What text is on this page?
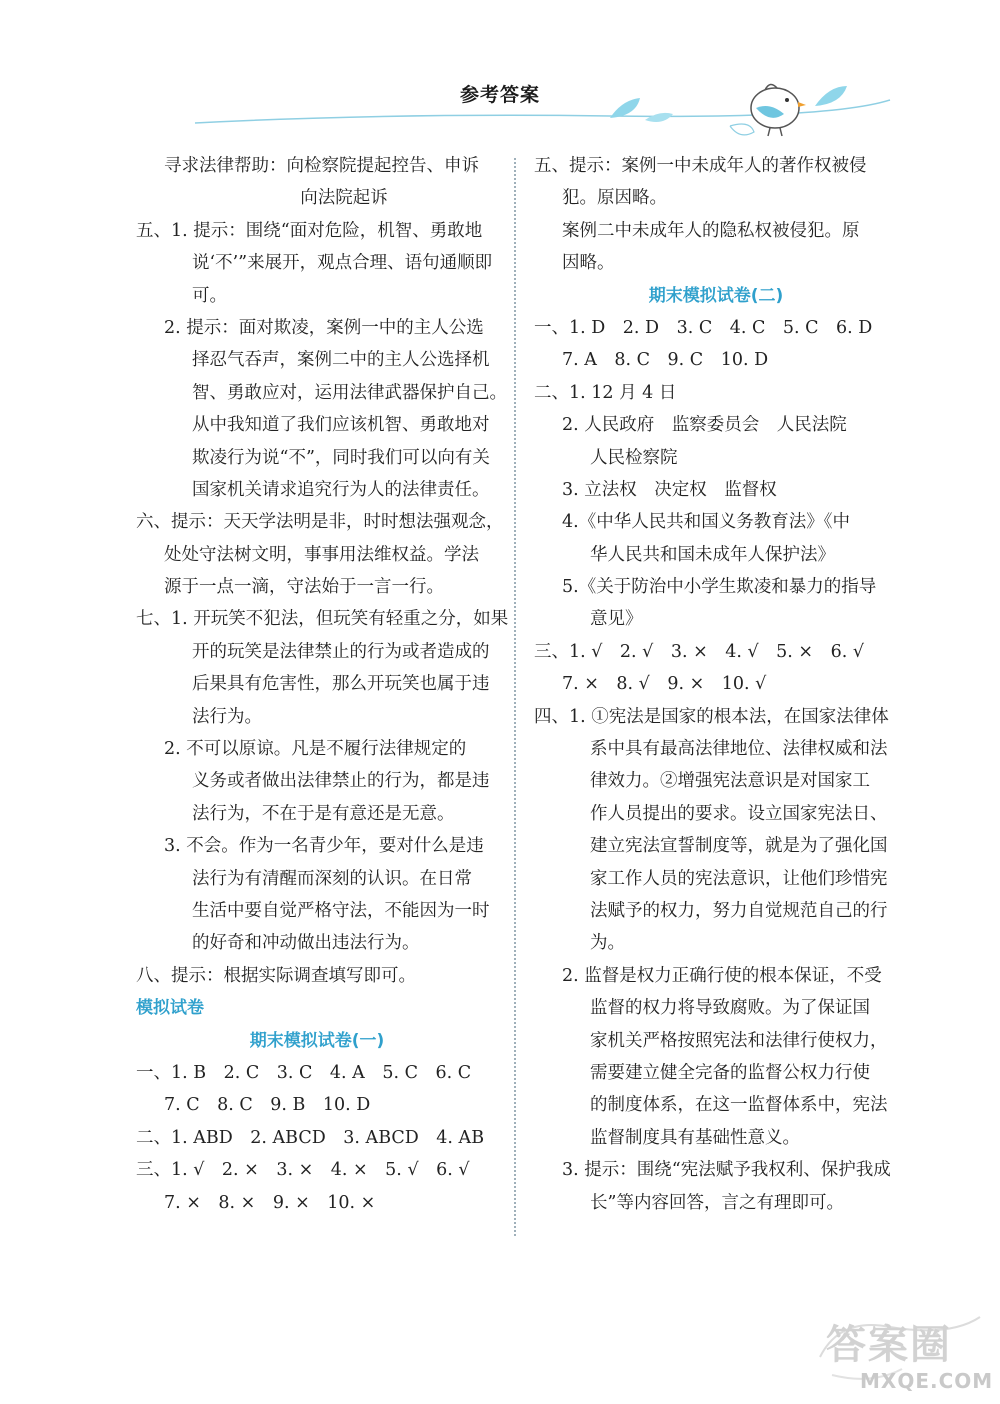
参考答案
寻求法律帮助：向检察院提起控告、申诉
向法院起诉
五、1. 提示：围绕“面对危险，机智、勇敢地
说‘不’”来展开，观点合理、语句通顺即
可。
2. 提示：面对欺凌，案例一中的主人公选
择忍气吞声，案例二中的主人公选择机
智、勇敢应对，运用法律武器保护自己。
从中我知道了我们应该机智、勇敢地对
欺凌行为说“不”，同时我们可以向有关
国家机关请求追究行为人的法律责任。
六、提示：天天学法明是非，时时想法强观念，
处处守法树文明，事事用法维权益。学法
源于一点一滴，守法始于一言一行。
七、1. 开玩笑不犯法，但玩笑有轻重之分，如果
开的玩笑是法律禁止的行为或者造成的
后果具有危害性，那么开玩笑也属于违
法行为。
2. 不可以原谅。凡是不履行法律规定的
义务或者做出法律禁止的行为，都是违
法行为，不在于是有意还是无意。
3. 不会。作为一名青少年，要对什么是违
法行为有清醒而深刻的认识。在日常
生活中要自觉严格守法，不能因为一时
的好奇和冲动做出违法行为。
八、提示：根据实际调查填写即可。
模拟试卷
期末模拟试卷(一)
一、1. B　2. C　3. C　4. A　5. C　6. C
7. C　8. C　9. B　10. D
二、1. ABD　2. ABCD　3. ABCD　4. AB
三、1. √　2. ×　3. ×　4. ×　5. √　6. √
7. ×　8. ×　9. ×　10. ×
五、提示：案例一中未成年人的著作权被侵
犯。原因略。
案例二中未成年人的隐私权被侵犯。原
因略。
期末模拟试卷(二)
一、1. D　2. D　3. C　4. C　5. C　6. D
7. A　8. C　9. C　10. D
二、1. 12 月 4 日
2. 人民政府　监察委员会　人民法院
人民检察院
3. 立法权　决定权　监督权
4.《中华人民共和国义务教育法》《中
华人民共和国未成年人保护法》
5.《关于防治中小学生欺凌和暴力的指导
意见》
三、1. √　2. √　3. ×　4. √　5. ×　6. √
7. ×　8. √　9. ×　10. √
四、1. ①宪法是国家的根本法，在国家法律体
系中具有最高法律地位、法律权威和法
律效力。②增强宪法意识是对国家工
作人员提出的要求。设立国家宪法日、
建立宪法宣誓制度等，就是为了强化国
家工作人员的宪法意识，让他们珍惜宪
法赋予的权力，努力自觉规范自己的行
为。
2. 监督是权力正确行使的根本保证，不受
监督的权力将导致腐败。为了保证国
家机关严格按照宪法和法律行使权力，
需要建立健全完备的监督公权力行使
的制度体系，在这一监督体系中，宪法
监督制度具有基础性意义。
3. 提示：围绕“宪法赋予我权利、保护我成
长”等内容回答，言之有理即可。
答案圈
MXQE.COM
